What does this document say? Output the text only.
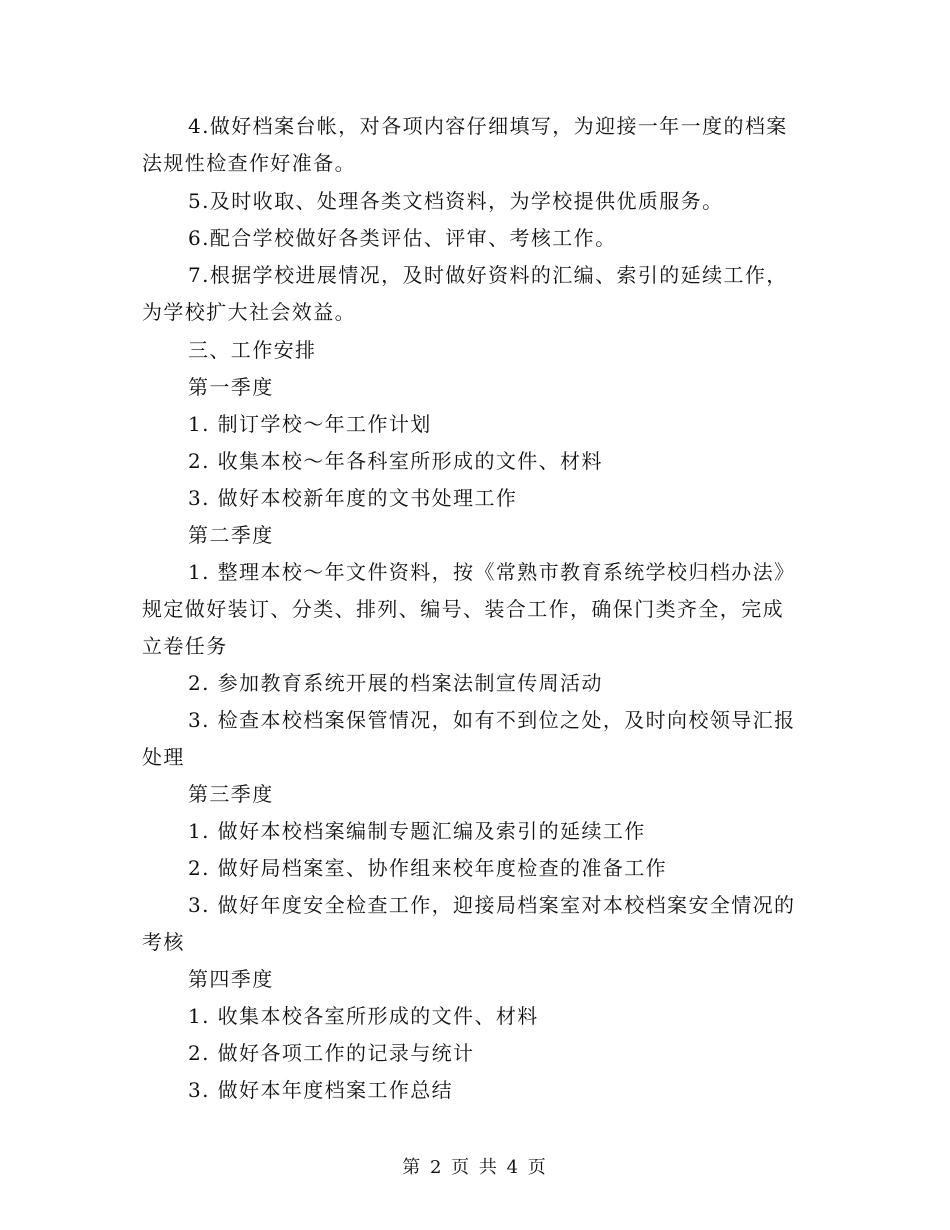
4.做好档案台帐，对各项内容仔细填写，为迎接一年一度的档案
法规性检查作好准备。
5.及时收取、处理各类文档资料，为学校提供优质服务。
6.配合学校做好各类评估、评审、考核工作。
7.根据学校进展情况，及时做好资料的汇编、索引的延续工作，
为学校扩大社会效益。
三、工作安排
第一季度
1. 制订学校～年工作计划
2. 收集本校～年各科室所形成的文件、材料
3. 做好本校新年度的文书处理工作
第二季度
1. 整理本校～年文件资料，按《常熟市教育系统学校归档办法》
规定做好装订、分类、排列、编号、装合工作，确保门类齐全，完成
立卷任务
2. 参加教育系统开展的档案法制宣传周活动
3. 检查本校档案保管情况，如有不到位之处，及时向校领导汇报
处理
第三季度
1. 做好本校档案编制专题汇编及索引的延续工作
2. 做好局档案室、协作组来校年度检查的准备工作
3. 做好年度安全检查工作，迎接局档案室对本校档案安全情况的
考核
第四季度
1. 收集本校各室所形成的文件、材料
2. 做好各项工作的记录与统计
3. 做好本年度档案工作总结
第 2 页 共 4 页
